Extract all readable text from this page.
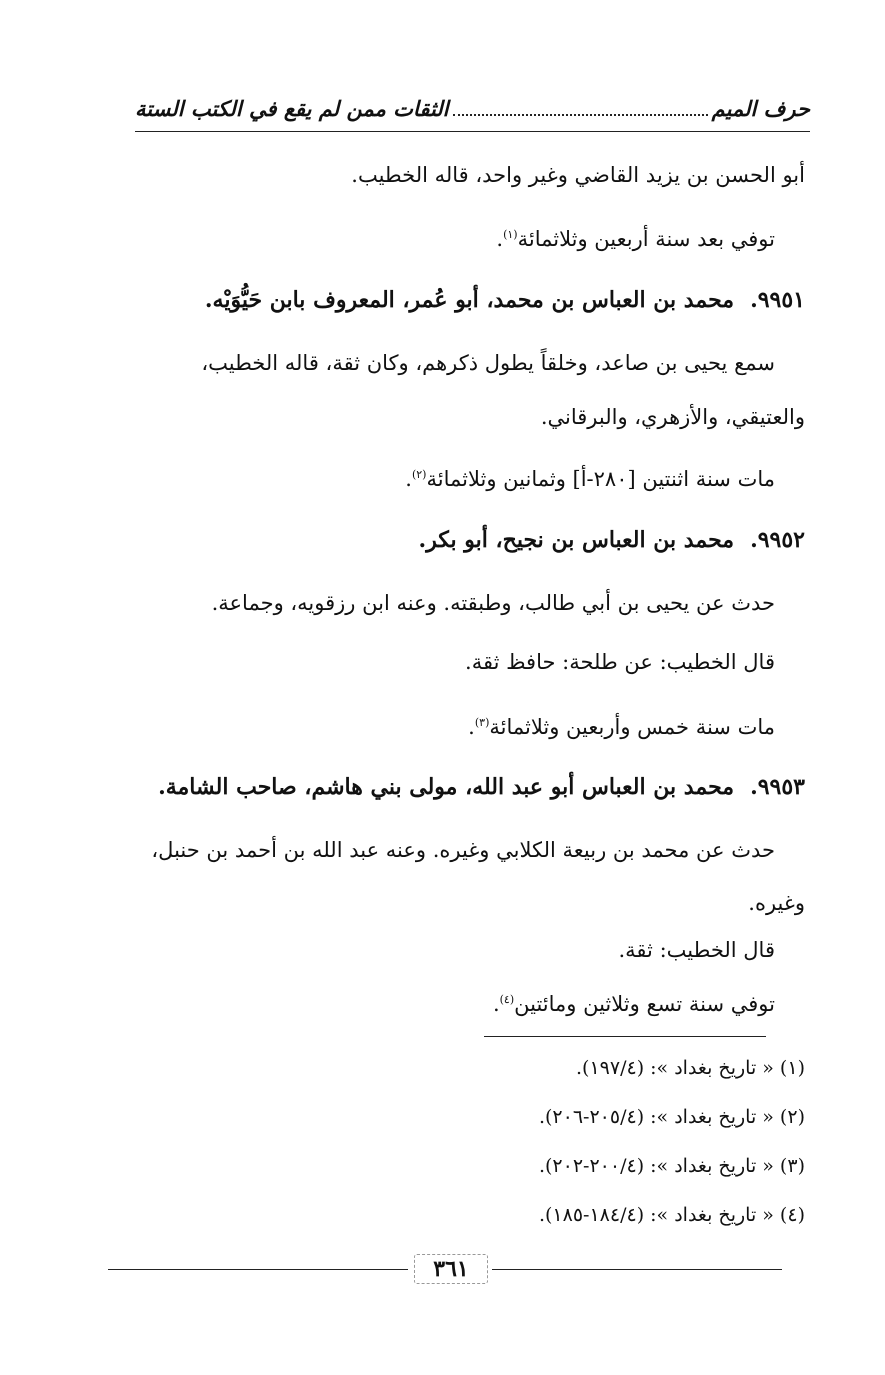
حرف الميم
الثقات ممن لم يقع في الكتب الستة
أبو الحسن بن يزيد القاضي وغير واحد، قاله الخطيب.
توفي بعد سنة أربعين وثلاثمائة$^{(١)}$.
٩٩٥١.محمد بن العباس بن محمد، أبو عُمر، المعروف بابن حَيُّوَيْه.
سمع يحيى بن صاعد، وخلقاً يطول ذكرهم، وكان ثقة، قاله الخطيب،
والعتيقي، والأزهري، والبرقاني.
مات سنة اثنتين [٢٨٠-أ] وثمانين وثلاثمائة$^{(٢)}$.
٩٩٥٢.محمد بن العباس بن نجيح، أبو بكر.
حدث عن يحيى بن أبي طالب، وطبقته. وعنه ابن رزقويه، وجماعة.
قال الخطيب: عن طلحة: حافظ ثقة.
مات سنة خمس وأربعين وثلاثمائة$^{(٣)}$.
٩٩٥٣.محمد بن العباس أبو عبد الله، مولى بني هاشم، صاحب الشامة.
حدث عن محمد بن ربيعة الكلابي وغيره. وعنه عبد الله بن أحمد بن حنبل،
وغيره.
قال الخطيب: ثقة.
توفي سنة تسع وثلاثين ومائتين$^{(٤)}$.
(١) « تاريخ بغداد »: (١٩٧/٤).
(٢) « تاريخ بغداد »: (٢٠٥/٤-٢٠٦).
(٣) « تاريخ بغداد »: (٢٠٠/٤-٢٠٢).
(٤) « تاريخ بغداد »: (١٨٤/٤-١٨٥).
٣٦١
